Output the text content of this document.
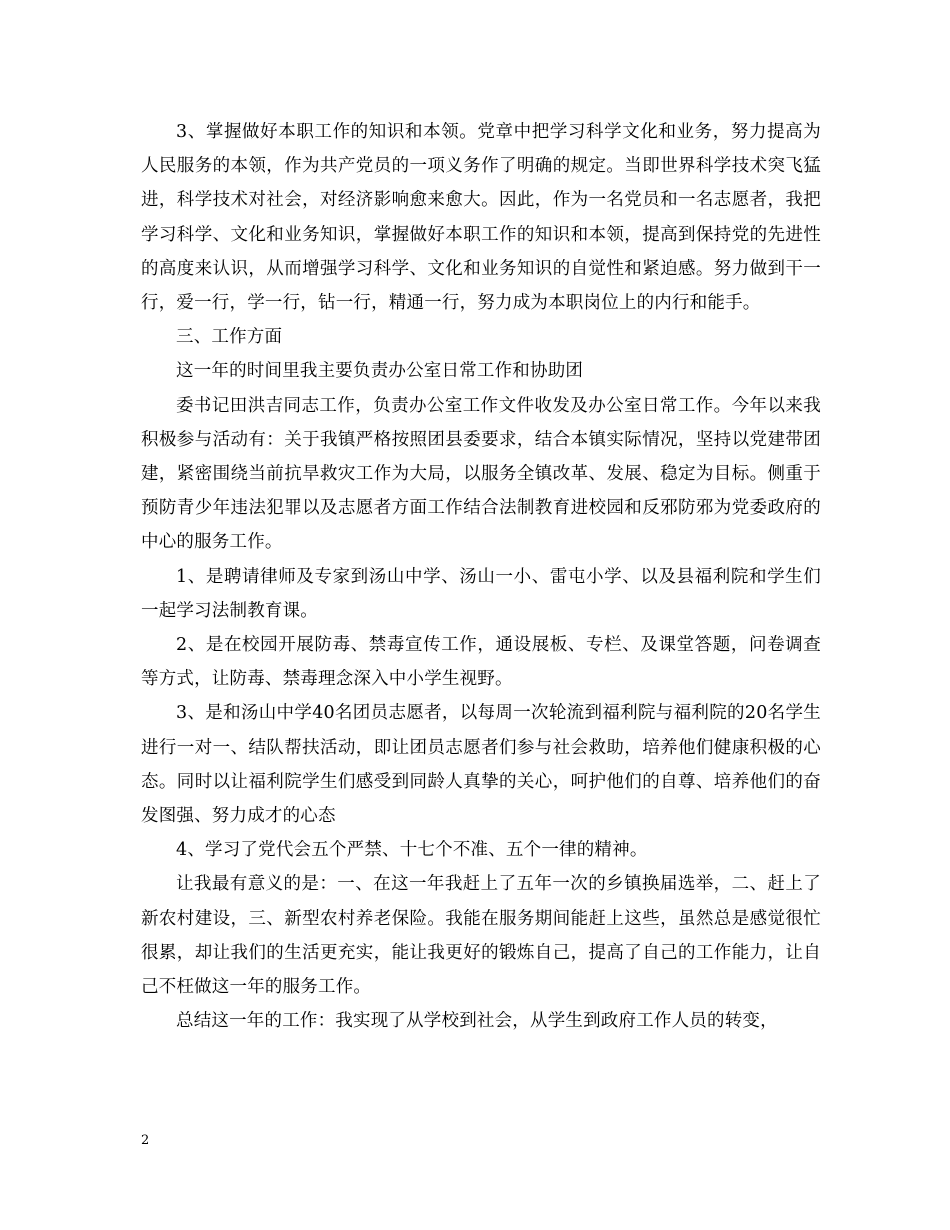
3、掌握做好本职工作的知识和本领。党章中把学习科学文化和业务，努力提高为人民服务的本领，作为共产党员的一项义务作了明确的规定。当即世界科学技术突飞猛进，科学技术对社会，对经济影响愈来愈大。因此，作为一名党员和一名志愿者，我把学习科学、文化和业务知识，掌握做好本职工作的知识和本领，提高到保持党的先进性的高度来认识，从而增强学习科学、文化和业务知识的自觉性和紧迫感。努力做到干一行，爱一行，学一行，钻一行，精通一行，努力成为本职岗位上的内行和能手。

三、工作方面

这一年的时间里我主要负责办公室日常工作和协助团

委书记田洪吉同志工作，负责办公室工作文件收发及办公室日常工作。今年以来我积极参与活动有：关于我镇严格按照团县委要求，结合本镇实际情况，坚持以党建带团建，紧密围绕当前抗旱救灾工作为大局，以服务全镇改革、发展、稳定为目标。侧重于预防青少年违法犯罪以及志愿者方面工作结合法制教育进校园和反邪防邪为党委政府的中心的服务工作。

1、是聘请律师及专家到汤山中学、汤山一小、雷屯小学、以及县福利院和学生们一起学习法制教育课。

2、是在校园开展防毒、禁毒宣传工作，通设展板、专栏、及课堂答题，问卷调查等方式，让防毒、禁毒理念深入中小学生视野。

3、是和汤山中学40名团员志愿者，以每周一次轮流到福利院与福利院的20名学生进行一对一、结队帮扶活动，即让团员志愿者们参与社会救助，培养他们健康积极的心态。同时以让福利院学生们感受到同龄人真挚的关心，呵护他们的自尊、培养他们的奋发图强、努力成才的心态

4、学习了党代会五个严禁、十七个不准、五个一律的精神。

让我最有意义的是：一、在这一年我赶上了五年一次的乡镇换届选举，二、赶上了新农村建设，三、新型农村养老保险。我能在服务期间能赶上这些，虽然总是感觉很忙很累，却让我们的生活更充实，能让我更好的锻炼自己，提高了自己的工作能力，让自己不枉做这一年的服务工作。

总结这一年的工作：我实现了从学校到社会，从学生到政府工作人员的转变，

2
